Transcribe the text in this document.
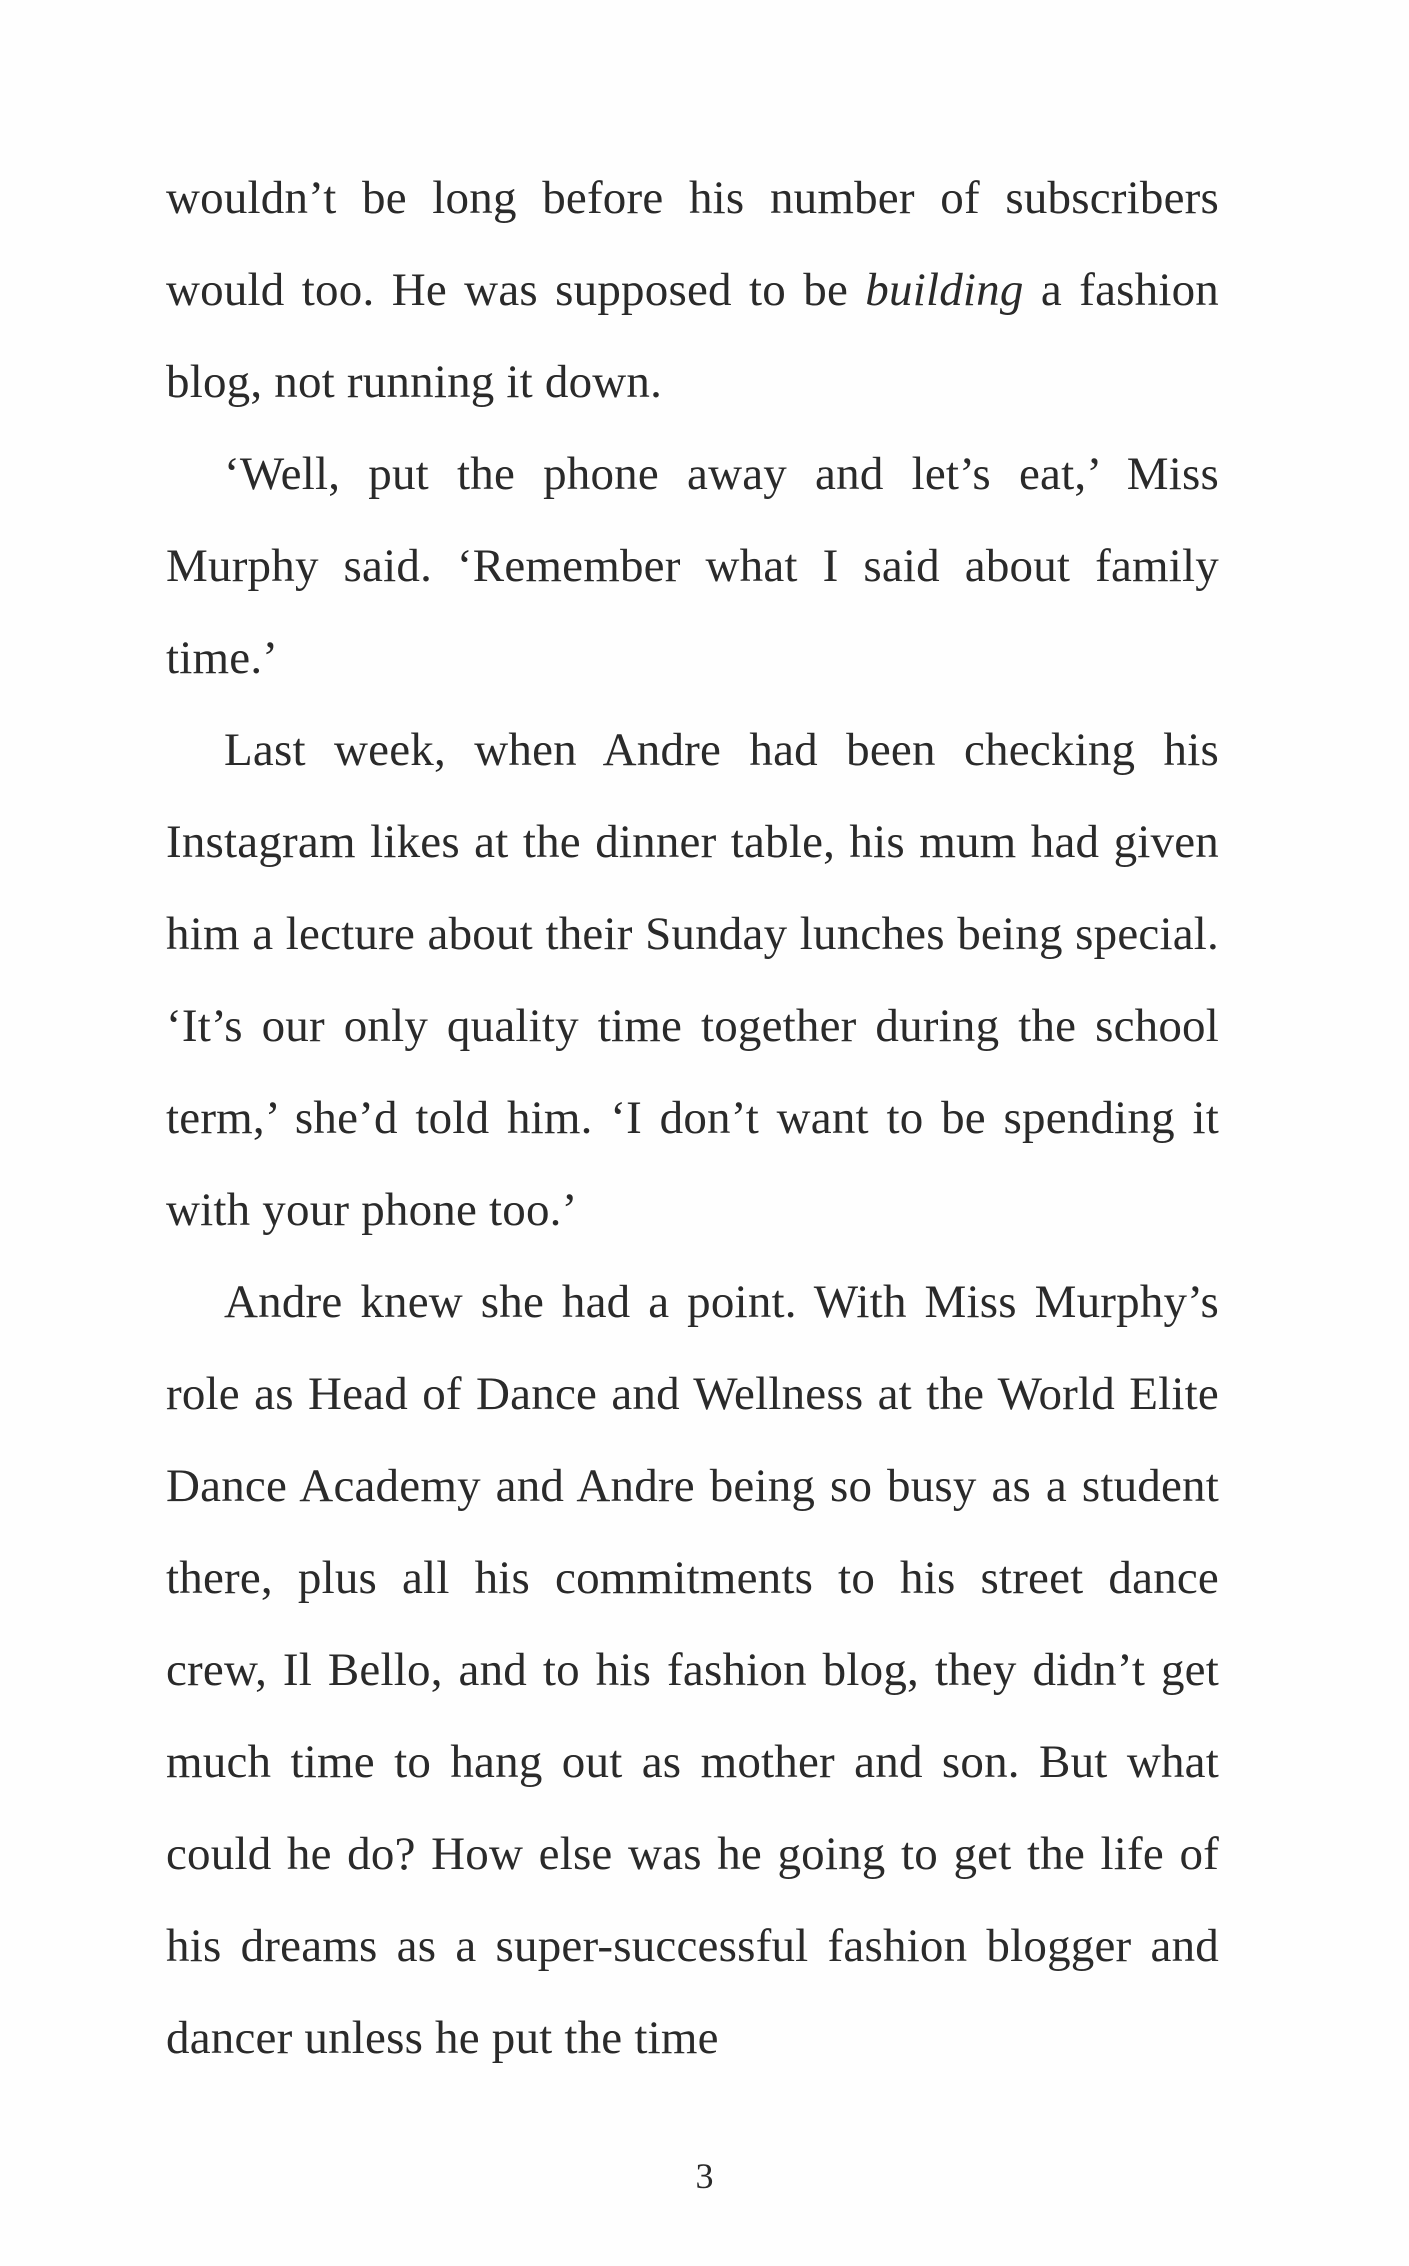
wouldn’t be long before his number of subscribers would too. He was supposed to be building a fashion blog, not running it down.

‘Well, put the phone away and let’s eat,’ Miss Murphy said. ‘Remember what I said about family time.’

Last week, when Andre had been checking his Instagram likes at the dinner table, his mum had given him a lecture about their Sunday lunches being special. ‘It’s our only quality time together during the school term,’ she’d told him. ‘I don’t want to be spending it with your phone too.’

Andre knew she had a point. With Miss Murphy’s role as Head of Dance and Wellness at the World Elite Dance Academy and Andre being so busy as a student there, plus all his commitments to his street dance crew, Il Bello, and to his fashion blog, they didn’t get much time to hang out as mother and son. But what could he do? How else was he going to get the life of his dreams as a super-successful fashion blogger and dancer unless he put the time

3
